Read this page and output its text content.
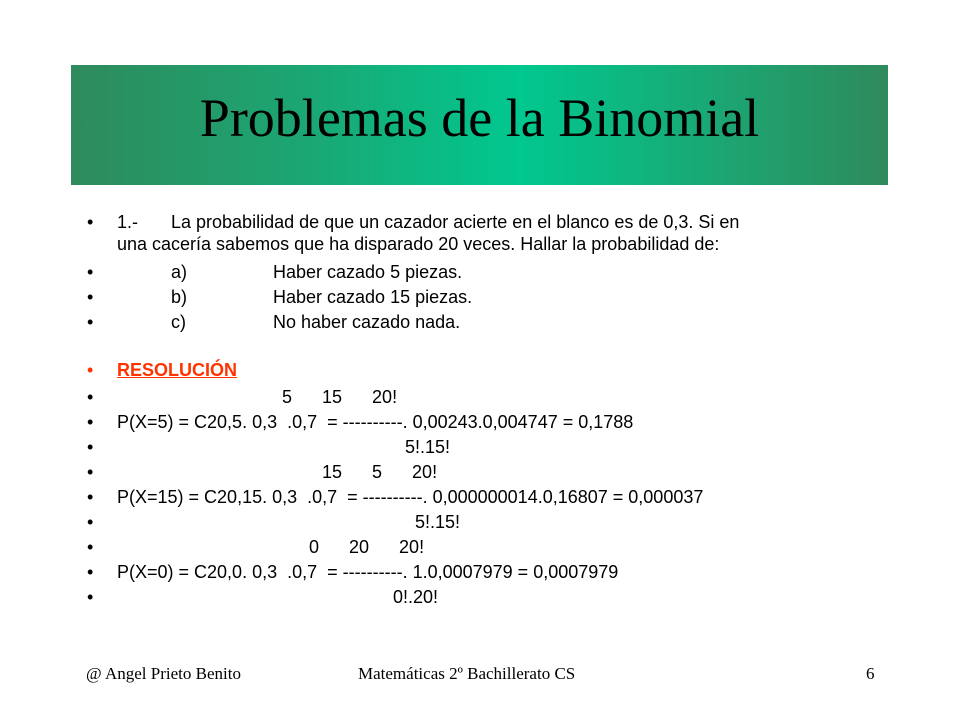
Problemas de la Binomial
• 1.- La probabilidad de que un cazador acierte en el blanco es de 0,3. Si en
una cacería sabemos que ha disparado 20 veces. Hallar la probabilidad de:
•	a)	Haber cazado 5 piezas.
•	b)	Haber cazado 15 piezas.
•	c)	No haber cazado nada.
• RESOLUCIÓN
•	5      15      20!
• P(X=5) = C20,5. 0,3  .0,7  = ----------. 0,00243.0,004747 = 0,1788
•	5!.15!
•	15      5      20!
• P(X=15) = C20,15. 0,3  .0,7  = ----------. 0,000000014.0,16807 = 0,000037
•	5!.15!
•	0      20      20!
• P(X=0) = C20,0. 0,3  .0,7  = ----------. 1.0,0007979 = 0,0007979
•	0!.20!
@ Angel Prieto Benito	Matemáticas 2º Bachillerato CS	6
